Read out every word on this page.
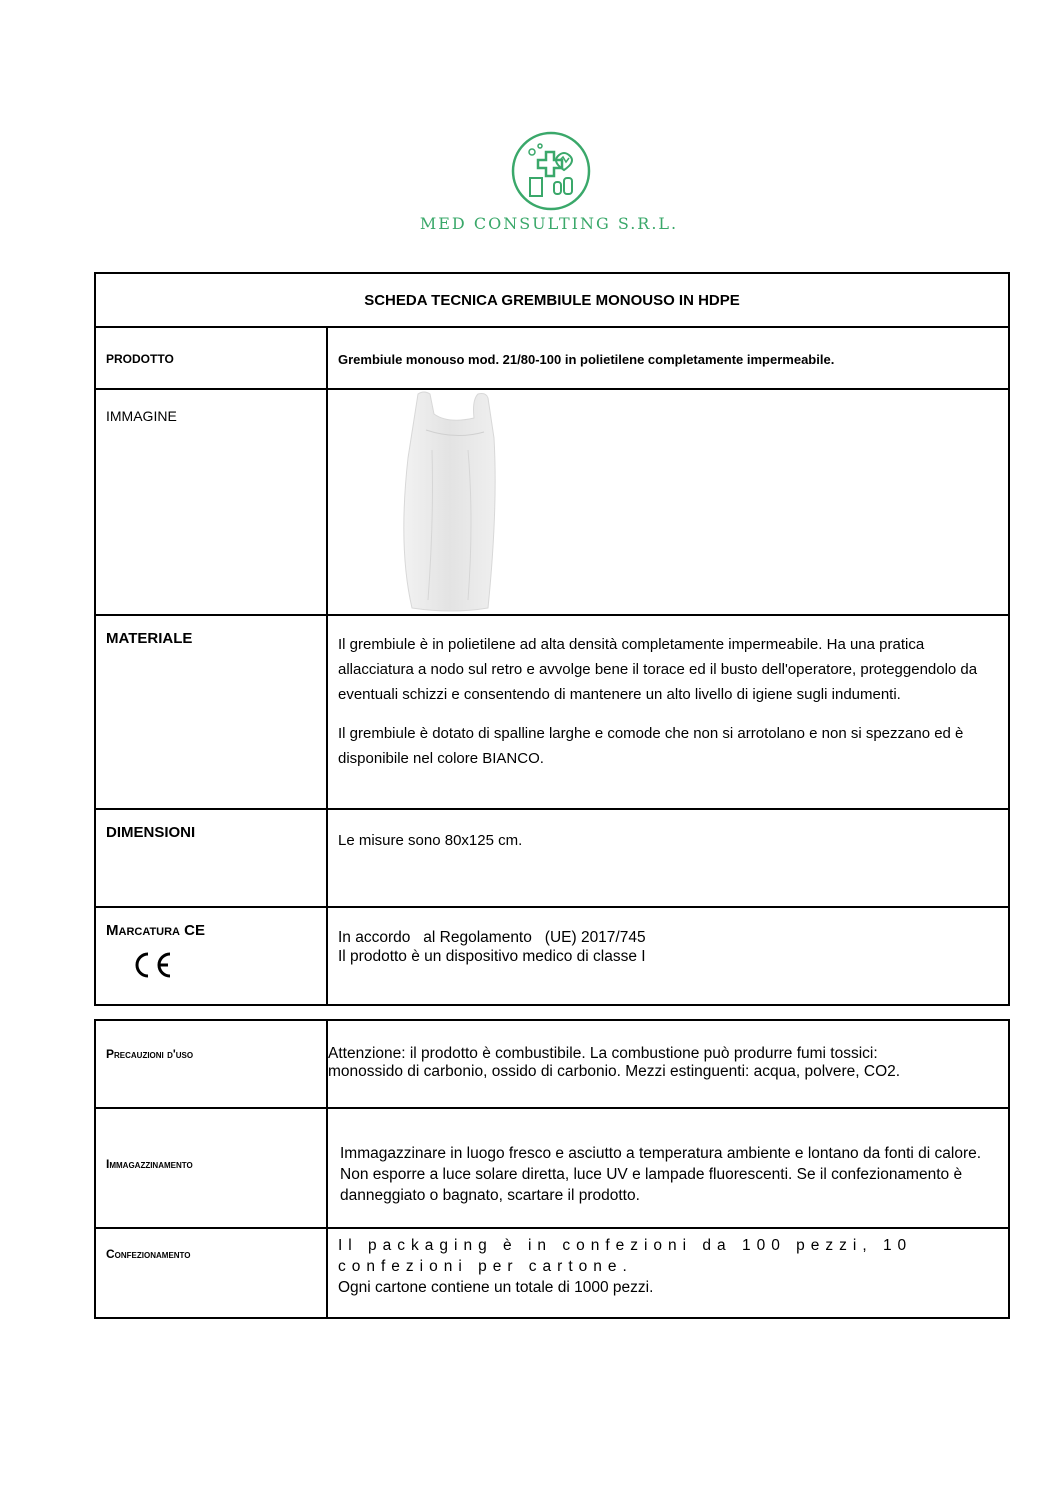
MED CONSULTING S.R.L.
SCHEDA TECNICA GREMBIULE MONOUSO IN HDPE	
PRODOTTO	Grembiule monouso mod. 21/80-100 in polietilene completamente impermeabile.
IMMAGINE	

MATERIALE	Il grembiule è in polietilene ad alta densità completamente impermeabile. Ha una pratica allacciatura a nodo sul retro e avvolge bene il torace ed il busto dell'operatore, proteggendolo da eventuali schizzi e consentendo di mantenere un alto livello di igiene sugli indumenti.

Il grembiule è dotato di spalline larghe e comode che non si arrotolano e non si spezzano ed è disponibile nel colore BIANCO.

DIMENSIONI	Le misure sono 80x125 cm.

Marcatura CE	In accordo   al Regolamento   (UE) 2017/745
Il prodotto è un dispositivo medico di classe I
Precauzioni d'uso	Attenzione: il prodotto è combustibile. La combustione può produrre fumi tossici: monossido di carbonio, ossido di carbonio. Mezzi estinguenti: acqua, polvere, CO2.
Immagazzinamento	Immagazzinare in luogo fresco e asciutto a temperatura ambiente e lontano da fonti di calore. Non esporre a luce solare diretta, luce UV e lampade fluorescenti. Se il confezionamento è danneggiato o bagnato, scartare il prodotto.
Confezionamento	Il packaging è in confezioni da 100 pezzi, 10 confezioni per cartone.
Ogni cartone contiene un totale di 1000 pezzi.
